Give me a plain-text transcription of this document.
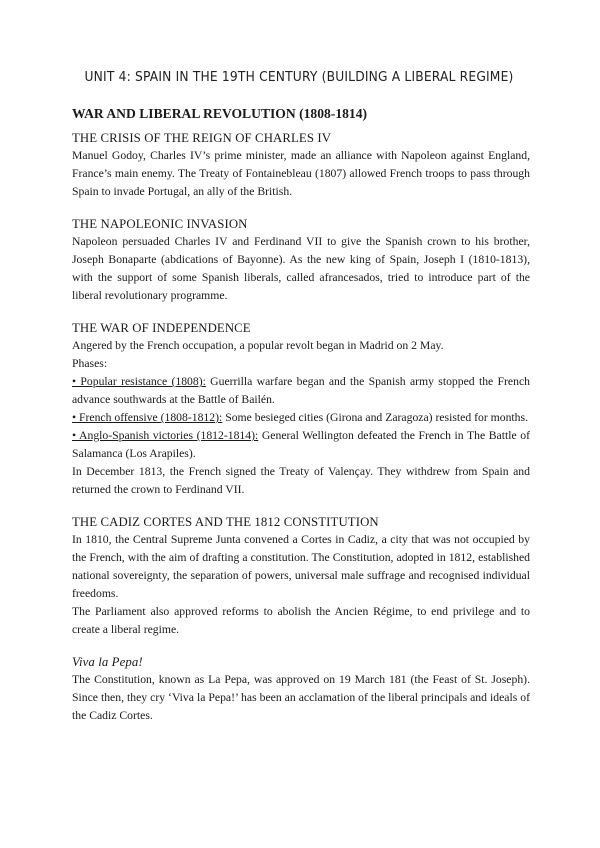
UNIT 4: SPAIN IN THE 19TH CENTURY (BUILDING A LIBERAL REGIME)
WAR AND LIBERAL REVOLUTION (1808-1814)
THE CRISIS OF THE REIGN OF CHARLES IV

Manuel Godoy, Charles IV’s prime minister, made an alliance with Napoleon against England, France’s main enemy. The Treaty of Fontainebleau (1807) allowed French troops to pass through Spain to invade Portugal, an ally of the British.

THE NAPOLEONIC INVASION

Napoleon persuaded Charles IV and Ferdinand VII to give the Spanish crown to his brother, Joseph Bonaparte (abdications of Bayonne). As the new king of Spain, Joseph I (1810-1813), with the support of some Spanish liberals, called afrancesados, tried to introduce part of the liberal revolutionary programme.

THE WAR OF INDEPENDENCE

Angered by the French occupation, a popular revolt began in Madrid on 2 May.

Phases:

• Popular resistance (1808): Guerrilla warfare began and the Spanish army stopped the French advance southwards at the Battle of Bailén.

• French offensive (1808-1812): Some besieged cities (Girona and Zaragoza) resisted for months.

• Anglo-Spanish victories (1812-1814): General Wellington defeated the French in The Battle of Salamanca (Los Arapiles).

In December 1813, the French signed the Treaty of Valençay. They withdrew from Spain and returned the crown to Ferdinand VII.

THE CADIZ CORTES AND THE 1812 CONSTITUTION

In 1810, the Central Supreme Junta convened a Cortes in Cadiz, a city that was not occupied by the French, with the aim of drafting a constitution. The Constitution, adopted in 1812, established national sovereignty, the separation of powers, universal male suffrage and recognised individual freedoms.

The Parliament also approved reforms to abolish the Ancien Régime, to end privilege and to create a liberal regime.

Viva la Pepa!

The Constitution, known as La Pepa, was approved on 19 March 181 (the Feast of St. Joseph). Since then, they cry ‘Viva la Pepa!’ has been an acclamation of the liberal principals and ideals of the Cadiz Cortes.
